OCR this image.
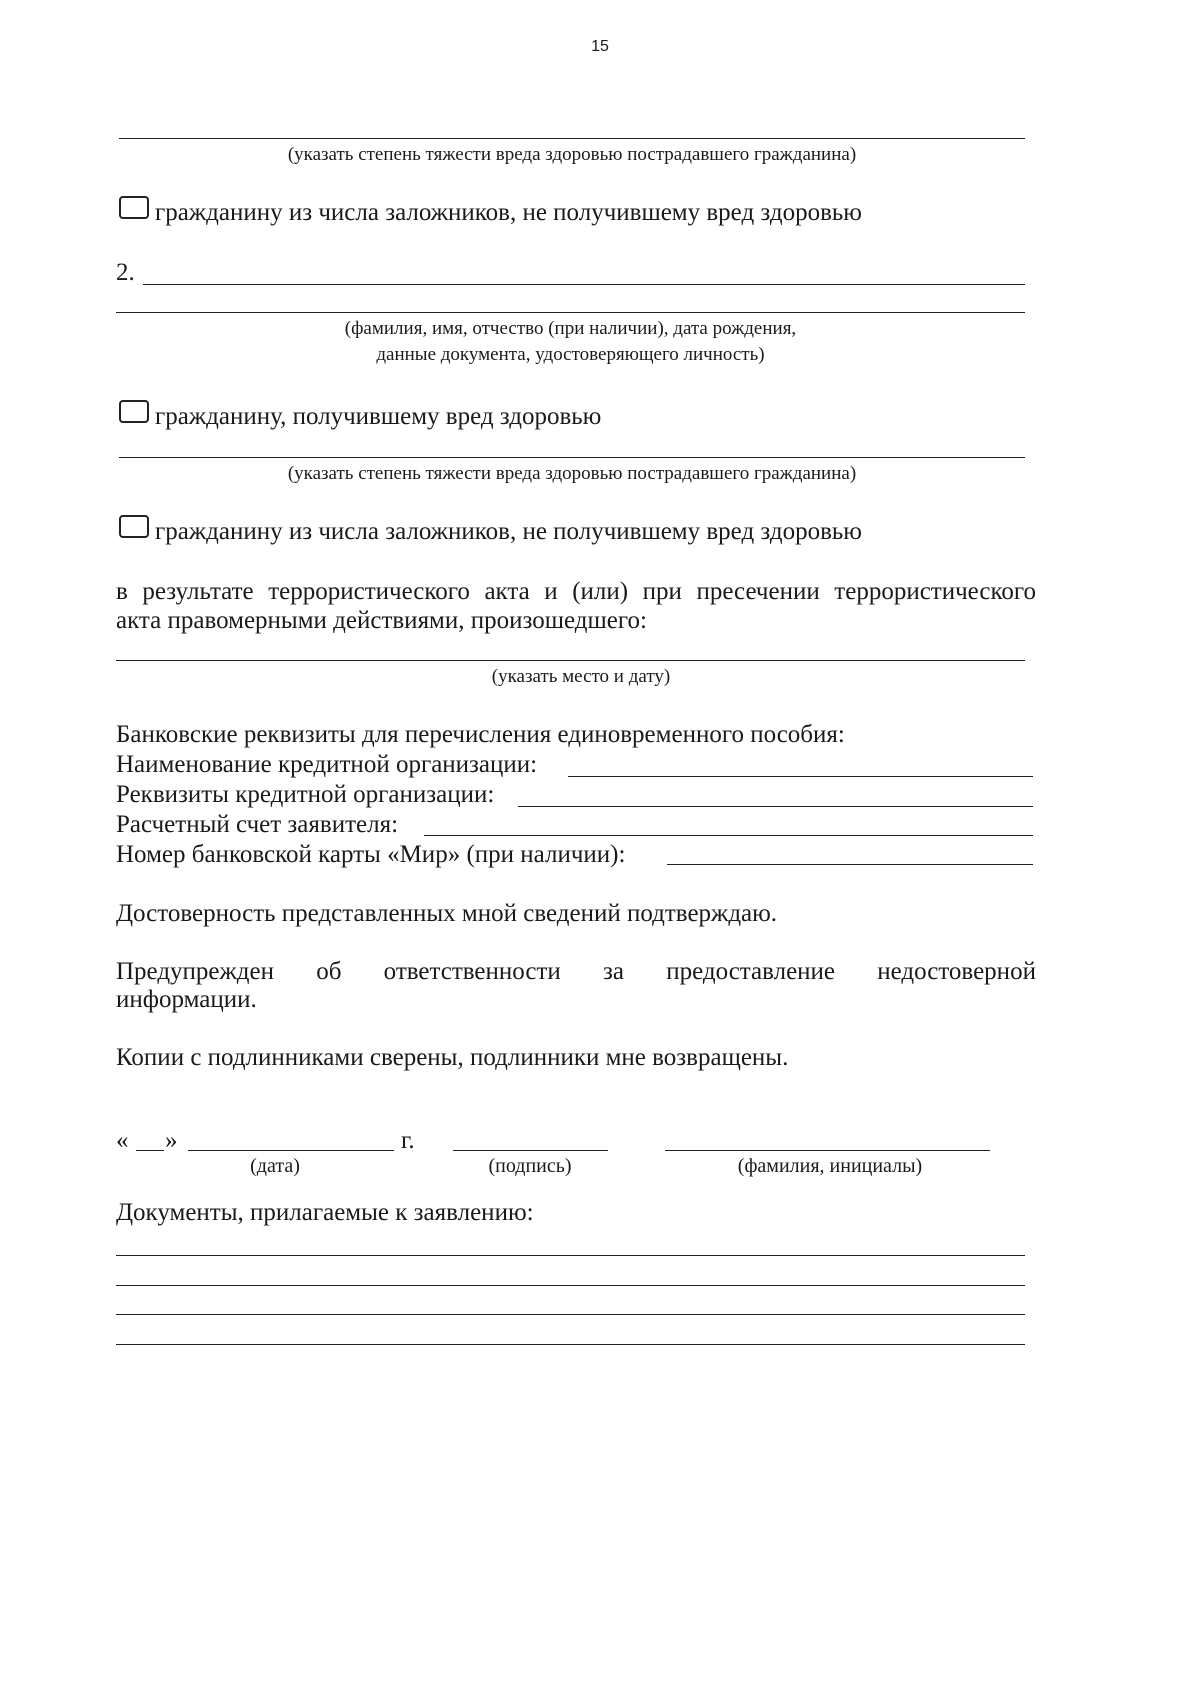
15
(указать степень тяжести вреда здоровью пострадавшего гражданина)
гражданину из числа заложников, не получившему вред здоровью
2.
(фамилия, имя, отчество (при наличии), дата рождения,
данные документа, удостоверяющего личность)
гражданину, получившему вред здоровью
(указать степень тяжести вреда здоровью пострадавшего гражданина)
гражданину из числа заложников, не получившему вред здоровью
в результате террористического акта и (или) при пресечении террористического
акта правомерными действиями, произошедшего:
(указать место и дату)
Банковские реквизиты для перечисления единовременного пособия:
Наименование кредитной организации:
Реквизиты кредитной организации:
Расчетный счет заявителя:
Номер банковской карты «Мир» (при наличии):
Достоверность представленных мной сведений подтверждаю.
Предупрежден об ответственности за предоставление недостоверной
информации.
Копии с подлинниками сверены, подлинники мне возвращены.
« »	г.
(дата)	(подпись)	(фамилия, инициалы)
Документы, прилагаемые к заявлению:
